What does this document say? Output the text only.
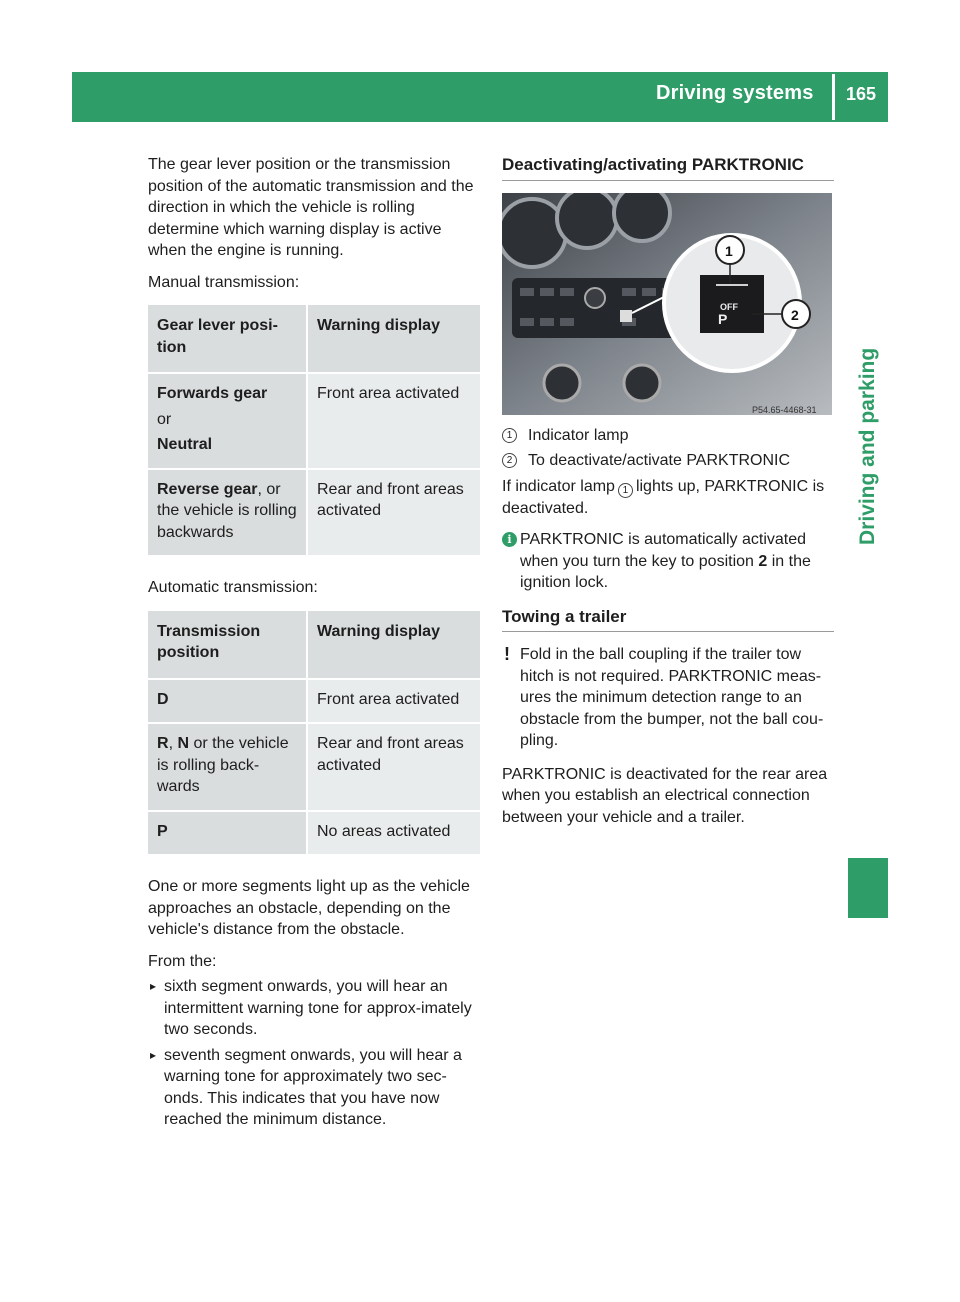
Driving systems 165
Driving and parking

The gear lever position or the transmission position of the automatic transmission and the direction in which the vehicle is rolling determine which warning display is active when the engine is running.

Manual transmission:

Gear lever posi-tion	Warning display

Forwards gear
or
Neutral	Front area activated
Reverse gear, or the vehicle is rolling backwards	Rear and front areas activated

Automatic transmission:

Transmission position	Warning display
D	Front area activated
R, N or the vehicle is rolling back-wards	Rear and front areas activated
P	No areas activated

One or more segments light up as the vehicle approaches an obstacle, depending on the vehicle's distance from the obstacle.

From the:

▸ sixth segment onwards, you will hear an intermittent warning tone for approx-imately two seconds.
▸ seventh segment onwards, you will hear a warning tone for approximately two sec-onds. This indicates that you have now reached the minimum distance.
Deactivating/activating PARKTRONIC
1
2
OFF
P
P54.65-4468-31
1 Indicator lamp
2 To deactivate/activate PARKTRONIC

If indicator lamp 1 lights up, PARKTRONIC is deactivated.

i PARKTRONIC is automatically activated when you turn the key to position 2 in the ignition lock.
Towing a trailer
! Fold in the ball coupling if the trailer tow hitch is not required. PARKTRONIC meas-ures the minimum detection range to an obstacle from the bumper, not the ball cou-pling.

PARKTRONIC is deactivated for the rear area when you establish an electrical connection between your vehicle and a trailer.
